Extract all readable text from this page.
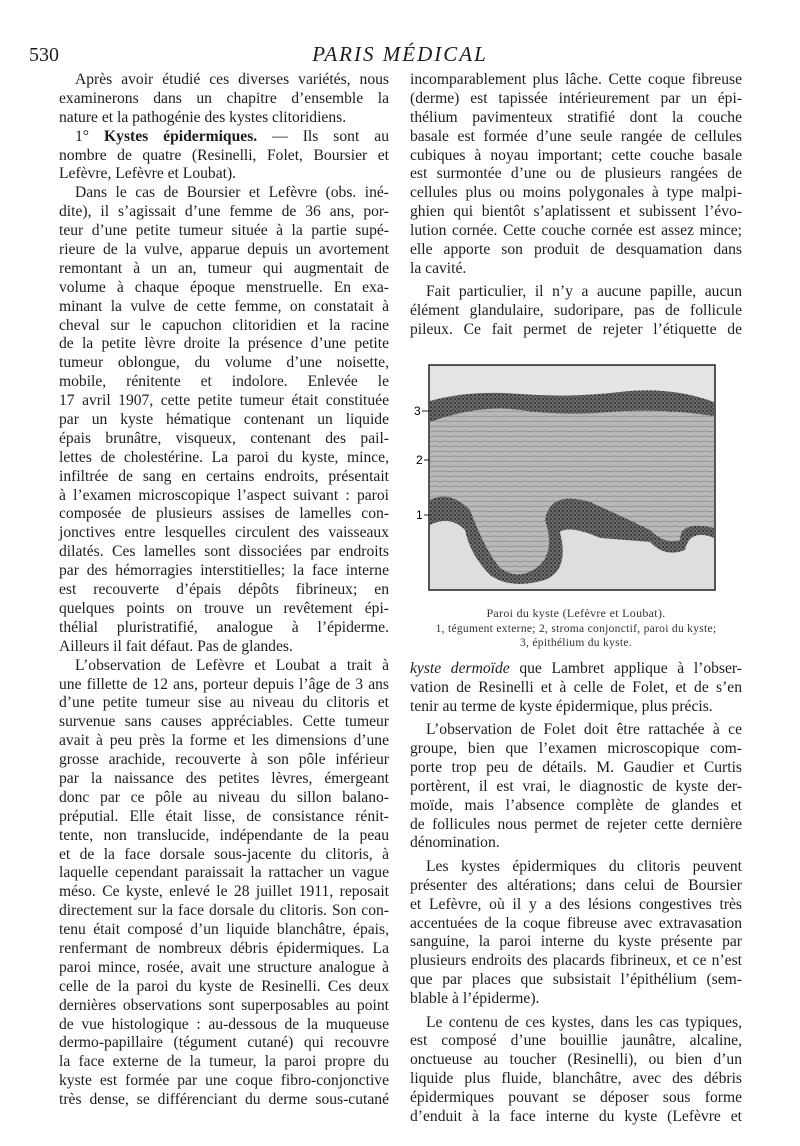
530	PARIS MÉDICAL
Après avoir étudié ces diverses variétés, nous
examinerons dans un chapitre d’ensemble la
nature et la pathogénie des kystes clitoridiens.
1° Kystes épidermiques. — Ils sont au
nombre de quatre (Resinelli, Folet, Boursier et
Lefèvre, Lefèvre et Loubat).
Dans le cas de Boursier et Lefèvre (obs. iné-
dite), il s’agissait d’une femme de 36 ans, por-
teur d’une petite tumeur située à la partie supé-
rieure de la vulve, apparue depuis un avortement
remontant à un an, tumeur qui augmentait de
volume à chaque époque menstruelle. En exa-
minant la vulve de cette femme, on constatait à
cheval sur le capuchon clitoridien et la racine
de la petite lèvre droite la présence d’une petite
tumeur oblongue, du volume d’une noisette,
mobile, rénitente et indolore. Enlevée le
17 avril 1907, cette petite tumeur était constituée
par un kyste hématique contenant un liquide
épais brunâtre, visqueux, contenant des pail-
lettes de cholestérine. La paroi du kyste, mince,
infiltrée de sang en certains endroits, présentait
à l’examen microscopique l’aspect suivant : paroi
composée de plusieurs assises de lamelles con-
jonctives entre lesquelles circulent des vaisseaux
dilatés. Ces lamelles sont dissociées par endroits
par des hémorragies interstitielles; la face interne
est recouverte d’épais dépôts fibrineux; en
quelques points on trouve un revêtement épi-
thélial pluristratifié, analogue à l’épiderme.
Ailleurs il fait défaut. Pas de glandes.
L’observation de Lefèvre et Loubat a trait à
une fillette de 12 ans, porteur depuis l’âge de 3 ans
d’une petite tumeur sise au niveau du clitoris et
survenue sans causes appréciables. Cette tumeur
avait à peu près la forme et les dimensions d’une
grosse arachide, recouverte à son pôle inférieur
par la naissance des petites lèvres, émergeant
donc par ce pôle au niveau du sillon balano-
préputial. Elle était lisse, de consistance rénit-
tente, non translucide, indépendante de la peau
et de la face dorsale sous-jacente du clitoris, à
laquelle cependant paraissait la rattacher un vague
méso. Ce kyste, enlevé le 28 juillet 1911, reposait
directement sur la face dorsale du clitoris. Son con-
tenu était composé d’un liquide blanchâtre, épais,
renfermant de nombreux débris épidermiques. La
paroi mince, rosée, avait une structure analogue à
celle de la paroi du kyste de Resinelli. Ces deux
dernières observations sont superposables au point
de vue histologique : au-dessous de la muqueuse
dermo-papillaire (tégument cutané) qui recouvre
la face externe de la tumeur, la paroi propre du
kyste est formée par une coque fibro-conjonctive
très dense, se différenciant du derme sous-cutané
incomparablement plus lâche. Cette coque fibreuse
(derme) est tapissée intérieurement par un épi-
thélium pavimenteux stratifié dont la couche
basale est formée d’une seule rangée de cellules
cubiques à noyau important; cette couche basale
est surmontée d’une ou de plusieurs rangées de
cellules plus ou moins polygonales à type malpi-
ghien qui bientôt s’aplatissent et subissent l’évo-
lution cornée. Cette couche cornée est assez mince;
elle apporte son produit de desquamation dans
la cavité.
Fait particulier, il n’y a aucune papille, aucun
élément glandulaire, sudoripare, pas de follicule
pileux. Ce fait permet de rejeter l’étiquette de
3
2
1
Paroi du kyste (Lefèvre et Loubat).
1, tégument externe; 2, stroma conjonctif, paroi du kyste;
3, épithélium du kyste.
kyste dermoïde que Lambret applique à l’obser-
vation de Resinelli et à celle de Folet, et de s’en
tenir au terme de kyste épidermique, plus précis.
L’observation de Folet doit être rattachée à ce
groupe, bien que l’examen microscopique com-
porte trop peu de détails. M. Gaudier et Curtis
portèrent, il est vrai, le diagnostic de kyste der-
moïde, mais l’absence complète de glandes et
de follicules nous permet de rejeter cette dernière
dénomination.
Les kystes épidermiques du clitoris peuvent
présenter des altérations; dans celui de Boursier
et Lefèvre, où il y a des lésions congestives très
accentuées de la coque fibreuse avec extravasation
sanguine, la paroi interne du kyste présente par
plusieurs endroits des placards fibrineux, et ce n’est
que par places que subsistait l’épithélium (sem-
blable à l’épiderme).
Le contenu de ces kystes, dans les cas typiques,
est composé d’une bouillie jaunâtre, alcaline,
onctueuse au toucher (Resinelli), ou bien d’un
liquide plus fluide, blanchâtre, avec des débris
épidermiques pouvant se déposer sous forme
d’enduit à la face interne du kyste (Lefèvre et
